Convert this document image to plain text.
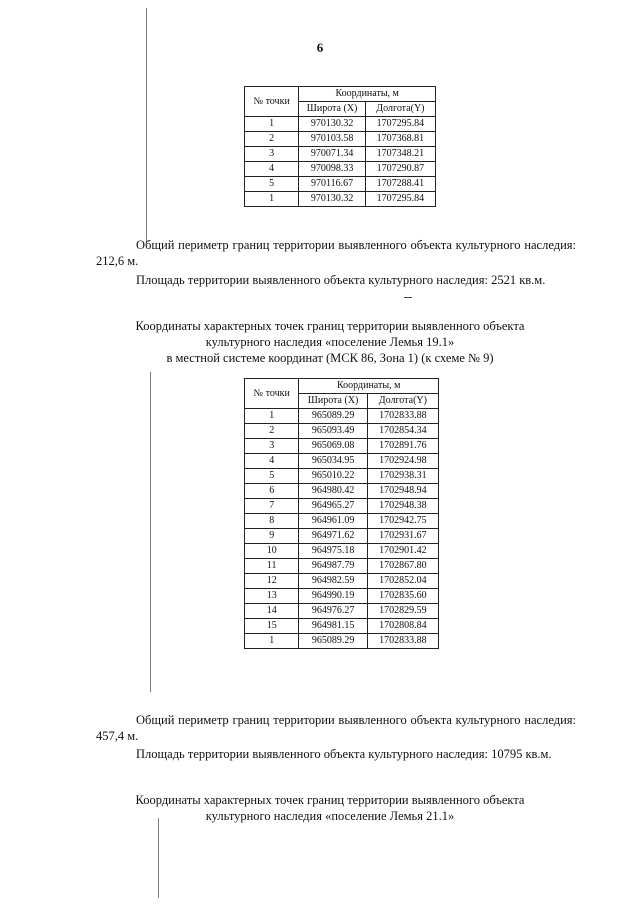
6
№ точки	Координаты, м	
	Широта (X)	Долгота(Y)
1	970130.32	1707295.84
2	970103.58	1707368.81
3	970071.34	1707348.21
4	970098.33	1707290.87
5	970116.67	1707288.41
1	970130.32	1707295.84

Общий периметр границ территории выявленного объекта культурного наследия: 212,6 м.

Площадь территории выявленного объекта культурного наследия: 2521 кв.м.

Координаты характерных точек границ территории выявленного объекта

культурного наследия «поселение Лемья 19.1»

в местной системе координат (МСК 86, Зона 1) (к схеме № 9)

№ точки	Координаты, м	
	Широта (X)	Долгота(Y)
1	965089.29	1702833.88
2	965093.49	1702854.34
3	965069.08	1702891.76
4	965034.95	1702924.98
5	965010.22	1702938.31
6	964980.42	1702948.94
7	964965.27	1702948.38
8	964961.09	1702942.75
9	964971.62	1702931.67
10	964975.18	1702901.42
11	964987.79	1702867.80
12	964982.59	1702852.04
13	964990.19	1702835.60
14	964976.27	1702829.59
15	964981.15	1702808.84
1	965089.29	1702833.88

Общий периметр границ территории выявленного объекта культурного наследия: 457,4 м.

Площадь территории выявленного объекта культурного наследия: 10795 кв.м.

Координаты характерных точек границ территории выявленного объекта

культурного наследия «поселение Лемья 21.1»
